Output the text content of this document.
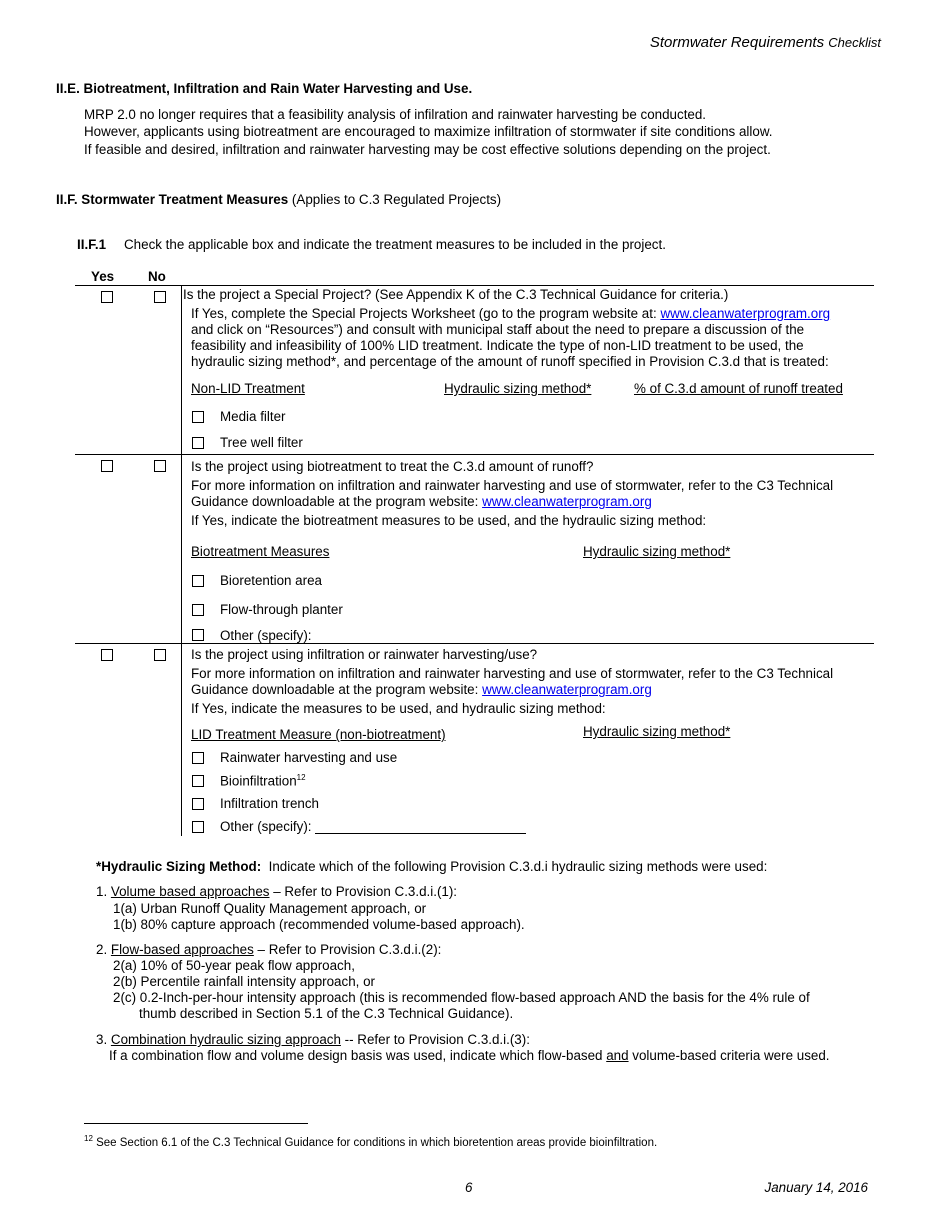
Stormwater Requirements Checklist
II.E. Biotreatment, Infiltration and Rain Water Harvesting and Use.
MRP 2.0 no longer requires that a feasibility analysis of infilration and rainwater harvesting be conducted.
However, applicants using biotreatment are encouraged to maximize infiltration of stormwater if site conditions allow.
If feasible and desired, infiltration and rainwater harvesting may be cost effective solutions depending on the project.
II.F. Stormwater Treatment Measures (Applies to C.3 Regulated Projects)
II.F.1 Check the applicable box and indicate the treatment measures to be included in the project.
Yes	No
Is the project a Special Project? (See Appendix K of the C.3 Technical Guidance for criteria.)
If Yes, complete the Special Projects Worksheet (go to the program website at: www.cleanwaterprogram.org
and click on “Resources”) and consult with municipal staff about the need to prepare a discussion of the
feasibility and infeasibility of 100% LID treatment. Indicate the type of non-LID treatment to be used, the
hydraulic sizing method*, and percentage of the amount of runoff specified in Provision C.3.d that is treated:
Non-LID Treatment	Hydraulic sizing method*	% of C.3.d amount of runoff treated
Media filter
Tree well filter
Is the project using biotreatment to treat the C.3.d amount of runoff?
For more information on infiltration and rainwater harvesting and use of stormwater, refer to the C3 Technical
Guidance downloadable at the program website: www.cleanwaterprogram.org
If Yes, indicate the biotreatment measures to be used, and the hydraulic sizing method:
Biotreatment Measures	Hydraulic sizing method*
Bioretention area
Flow-through planter
Other (specify):
Is the project using infiltration or rainwater harvesting/use?
For more information on infiltration and rainwater harvesting and use of stormwater, refer to the C3 Technical
Guidance downloadable at the program website: www.cleanwaterprogram.org
If Yes, indicate the measures to be used, and hydraulic sizing method:
LID Treatment Measure (non-biotreatment)	Hydraulic sizing method*
Rainwater harvesting and use
Bioinfiltration$^{12}$
Infiltration trench
Other (specify):
*Hydraulic Sizing Method: Indicate which of the following Provision C.3.d.i hydraulic sizing methods were used:
1. Volume based approaches – Refer to Provision C.3.d.i.(1):
1(a) Urban Runoff Quality Management approach, or
1(b) 80% capture approach (recommended volume-based approach).
2. Flow-based approaches – Refer to Provision C.3.d.i.(2):
2(a) 10% of 50-year peak flow approach,
2(b) Percentile rainfall intensity approach, or
2(c) 0.2-Inch-per-hour intensity approach (this is recommended flow-based approach AND the basis for the 4% rule of
thumb described in Section 5.1 of the C.3 Technical Guidance).
3. Combination hydraulic sizing approach -- Refer to Provision C.3.d.i.(3):
If a combination flow and volume design basis was used, indicate which flow-based and volume-based criteria were used.
$^{12}$ See Section 6.1 of the C.3 Technical Guidance for conditions in which bioretention areas provide bioinfiltration.
6	January 14, 2016
